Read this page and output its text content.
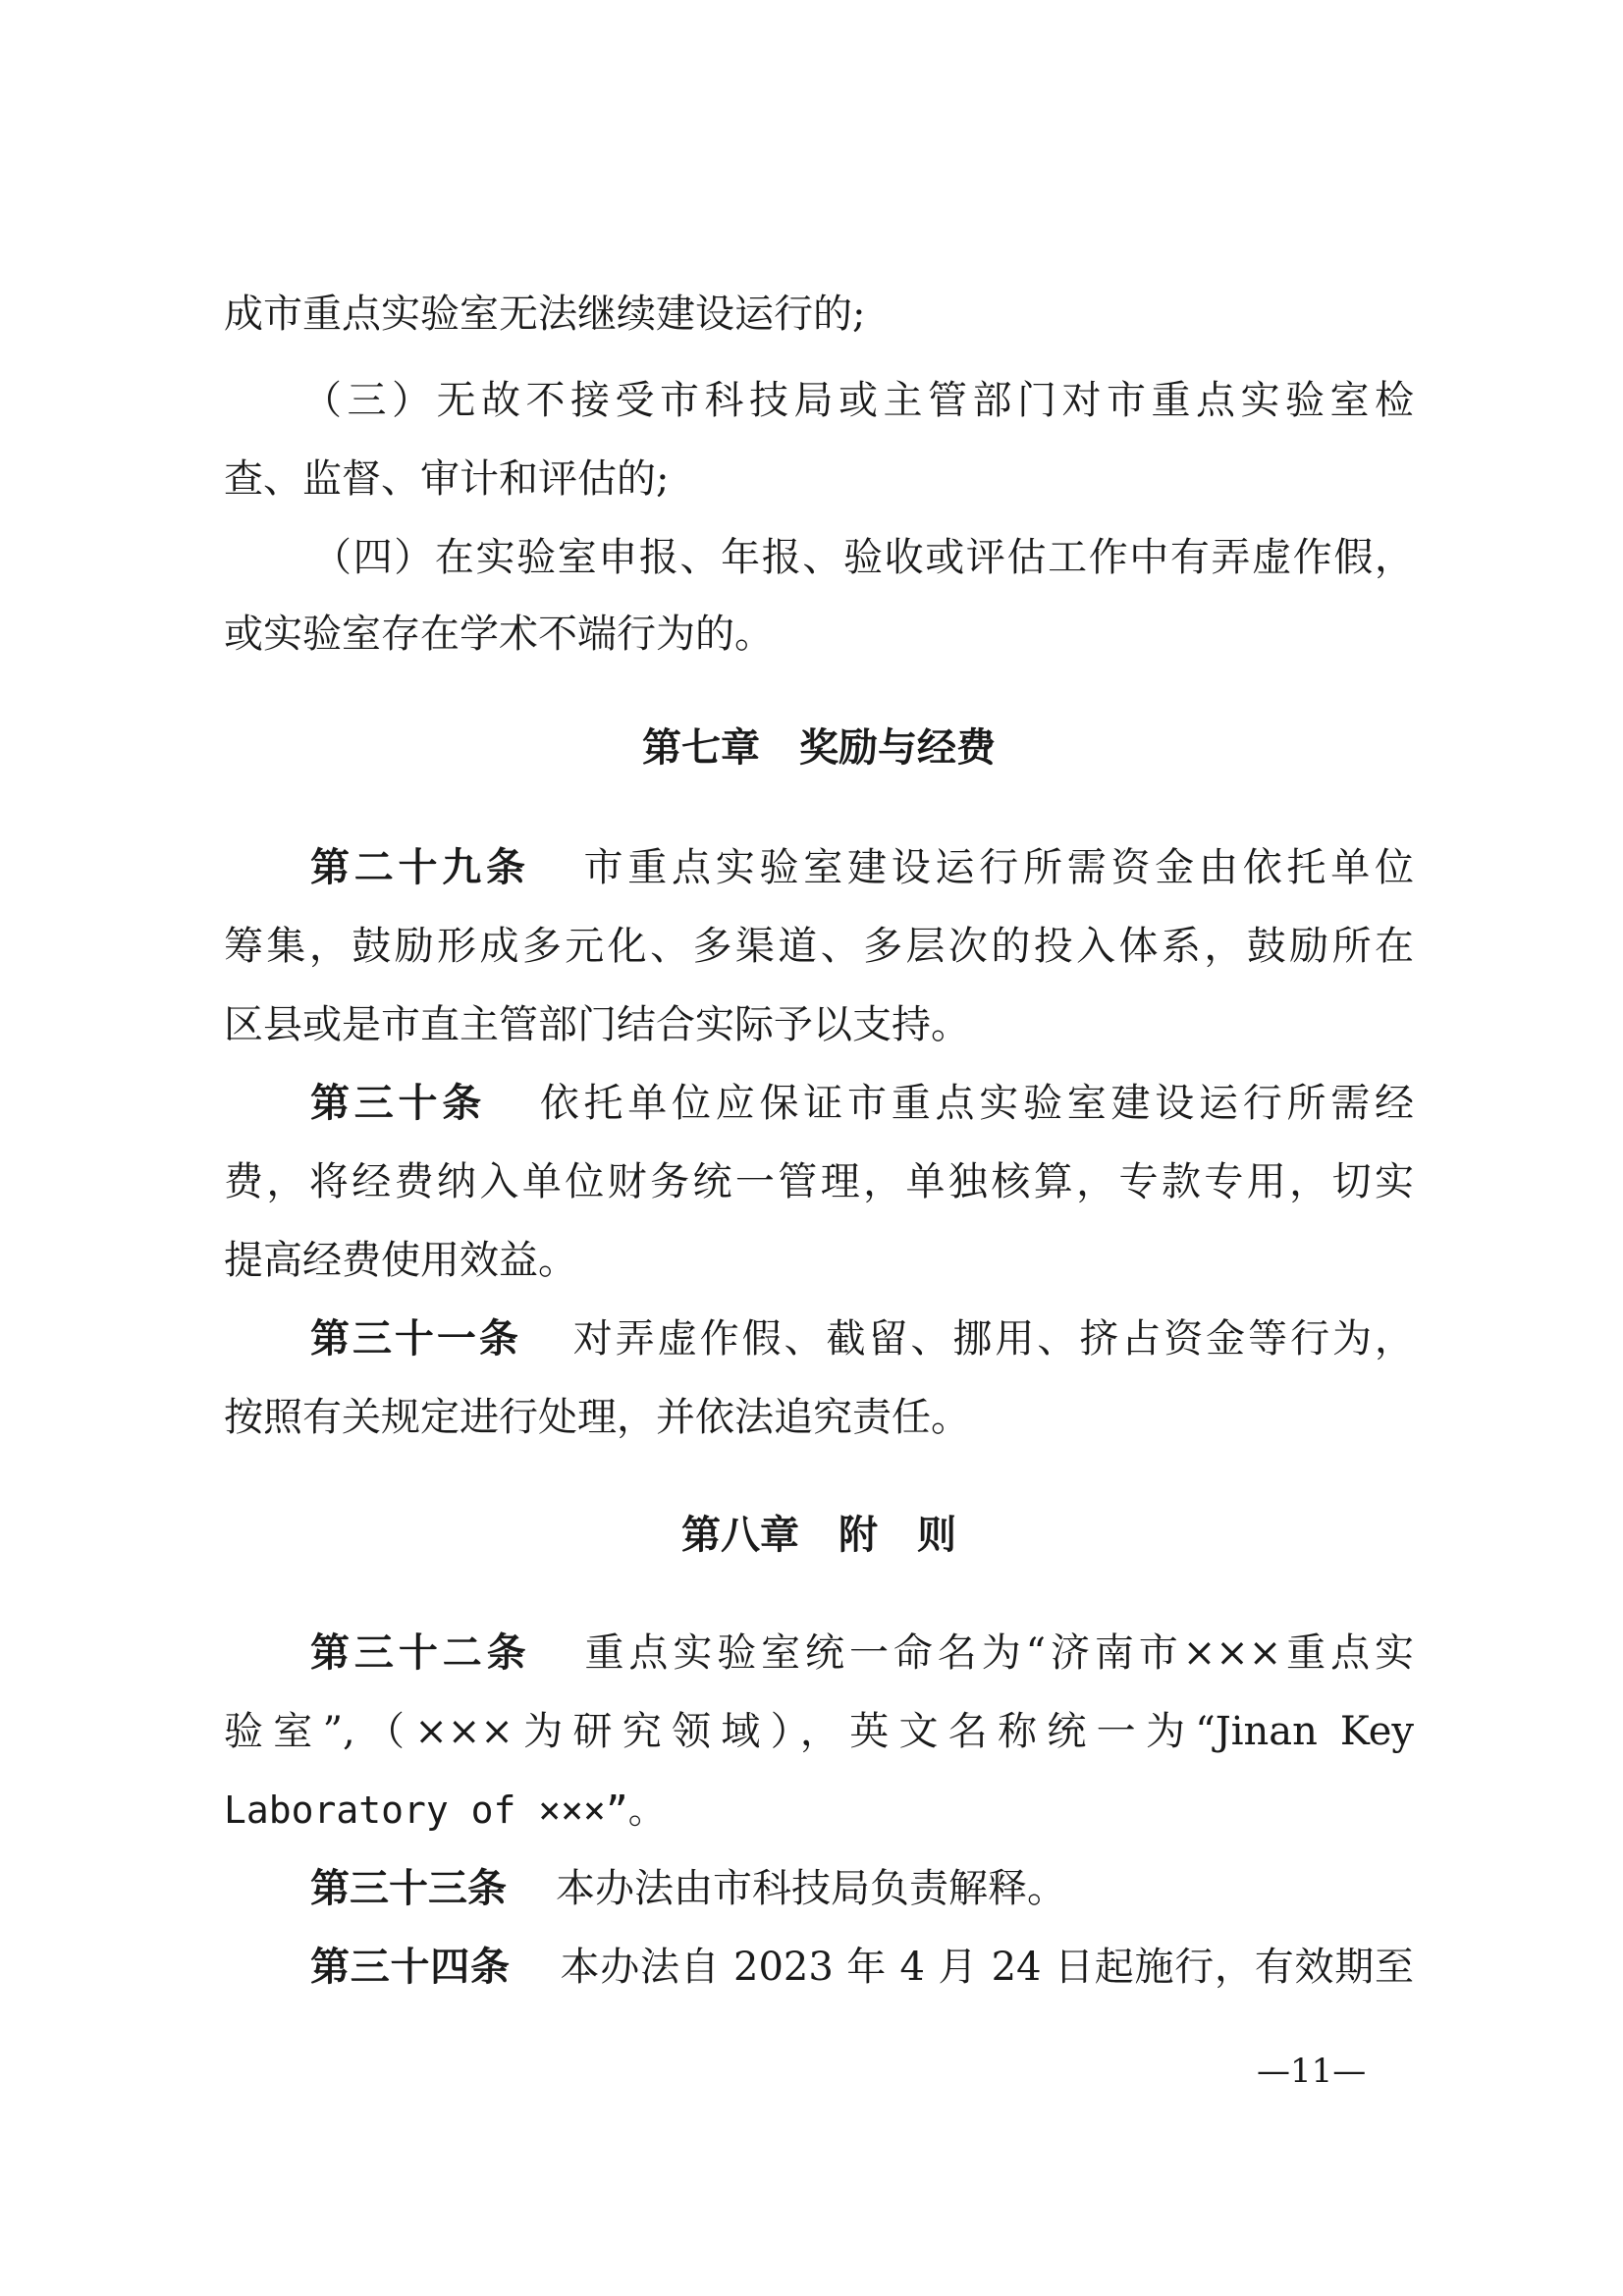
成市重点实验室无法继续建设运行的;
（三）无故不接受市科技局或主管部门对市重点实验室检
查、监督、审计和评估的;
（四）在实验室申报、年报、验收或评估工作中有弄虚作假，
或实验室存在学术不端行为的。
第七章 奖励与经费
第二十九条 市重点实验室建设运行所需资金由依托单位
筹集，鼓励形成多元化、多渠道、多层次的投入体系，鼓励所在
区县或是市直主管部门结合实际予以支持。
第三十条 依托单位应保证市重点实验室建设运行所需经
费，将经费纳入单位财务统一管理，单独核算，专款专用，切实
提高经费使用效益。
第三十一条 对弄虚作假、截留、挪用、挤占资金等行为，
按照有关规定进行处理，并依法追究责任。
第八章 附　则
第三十二条 重点实验室统一命名为“济南市×××重点实
验室”,（×××为研究领域），英文名称统一为“Jinan Key
Laboratory of ×××”。
第三十三条 本办法由市科技局负责解释。
第三十四条 本办法自 2023 年 4 月 24 日起施行，有效期至
—11—
